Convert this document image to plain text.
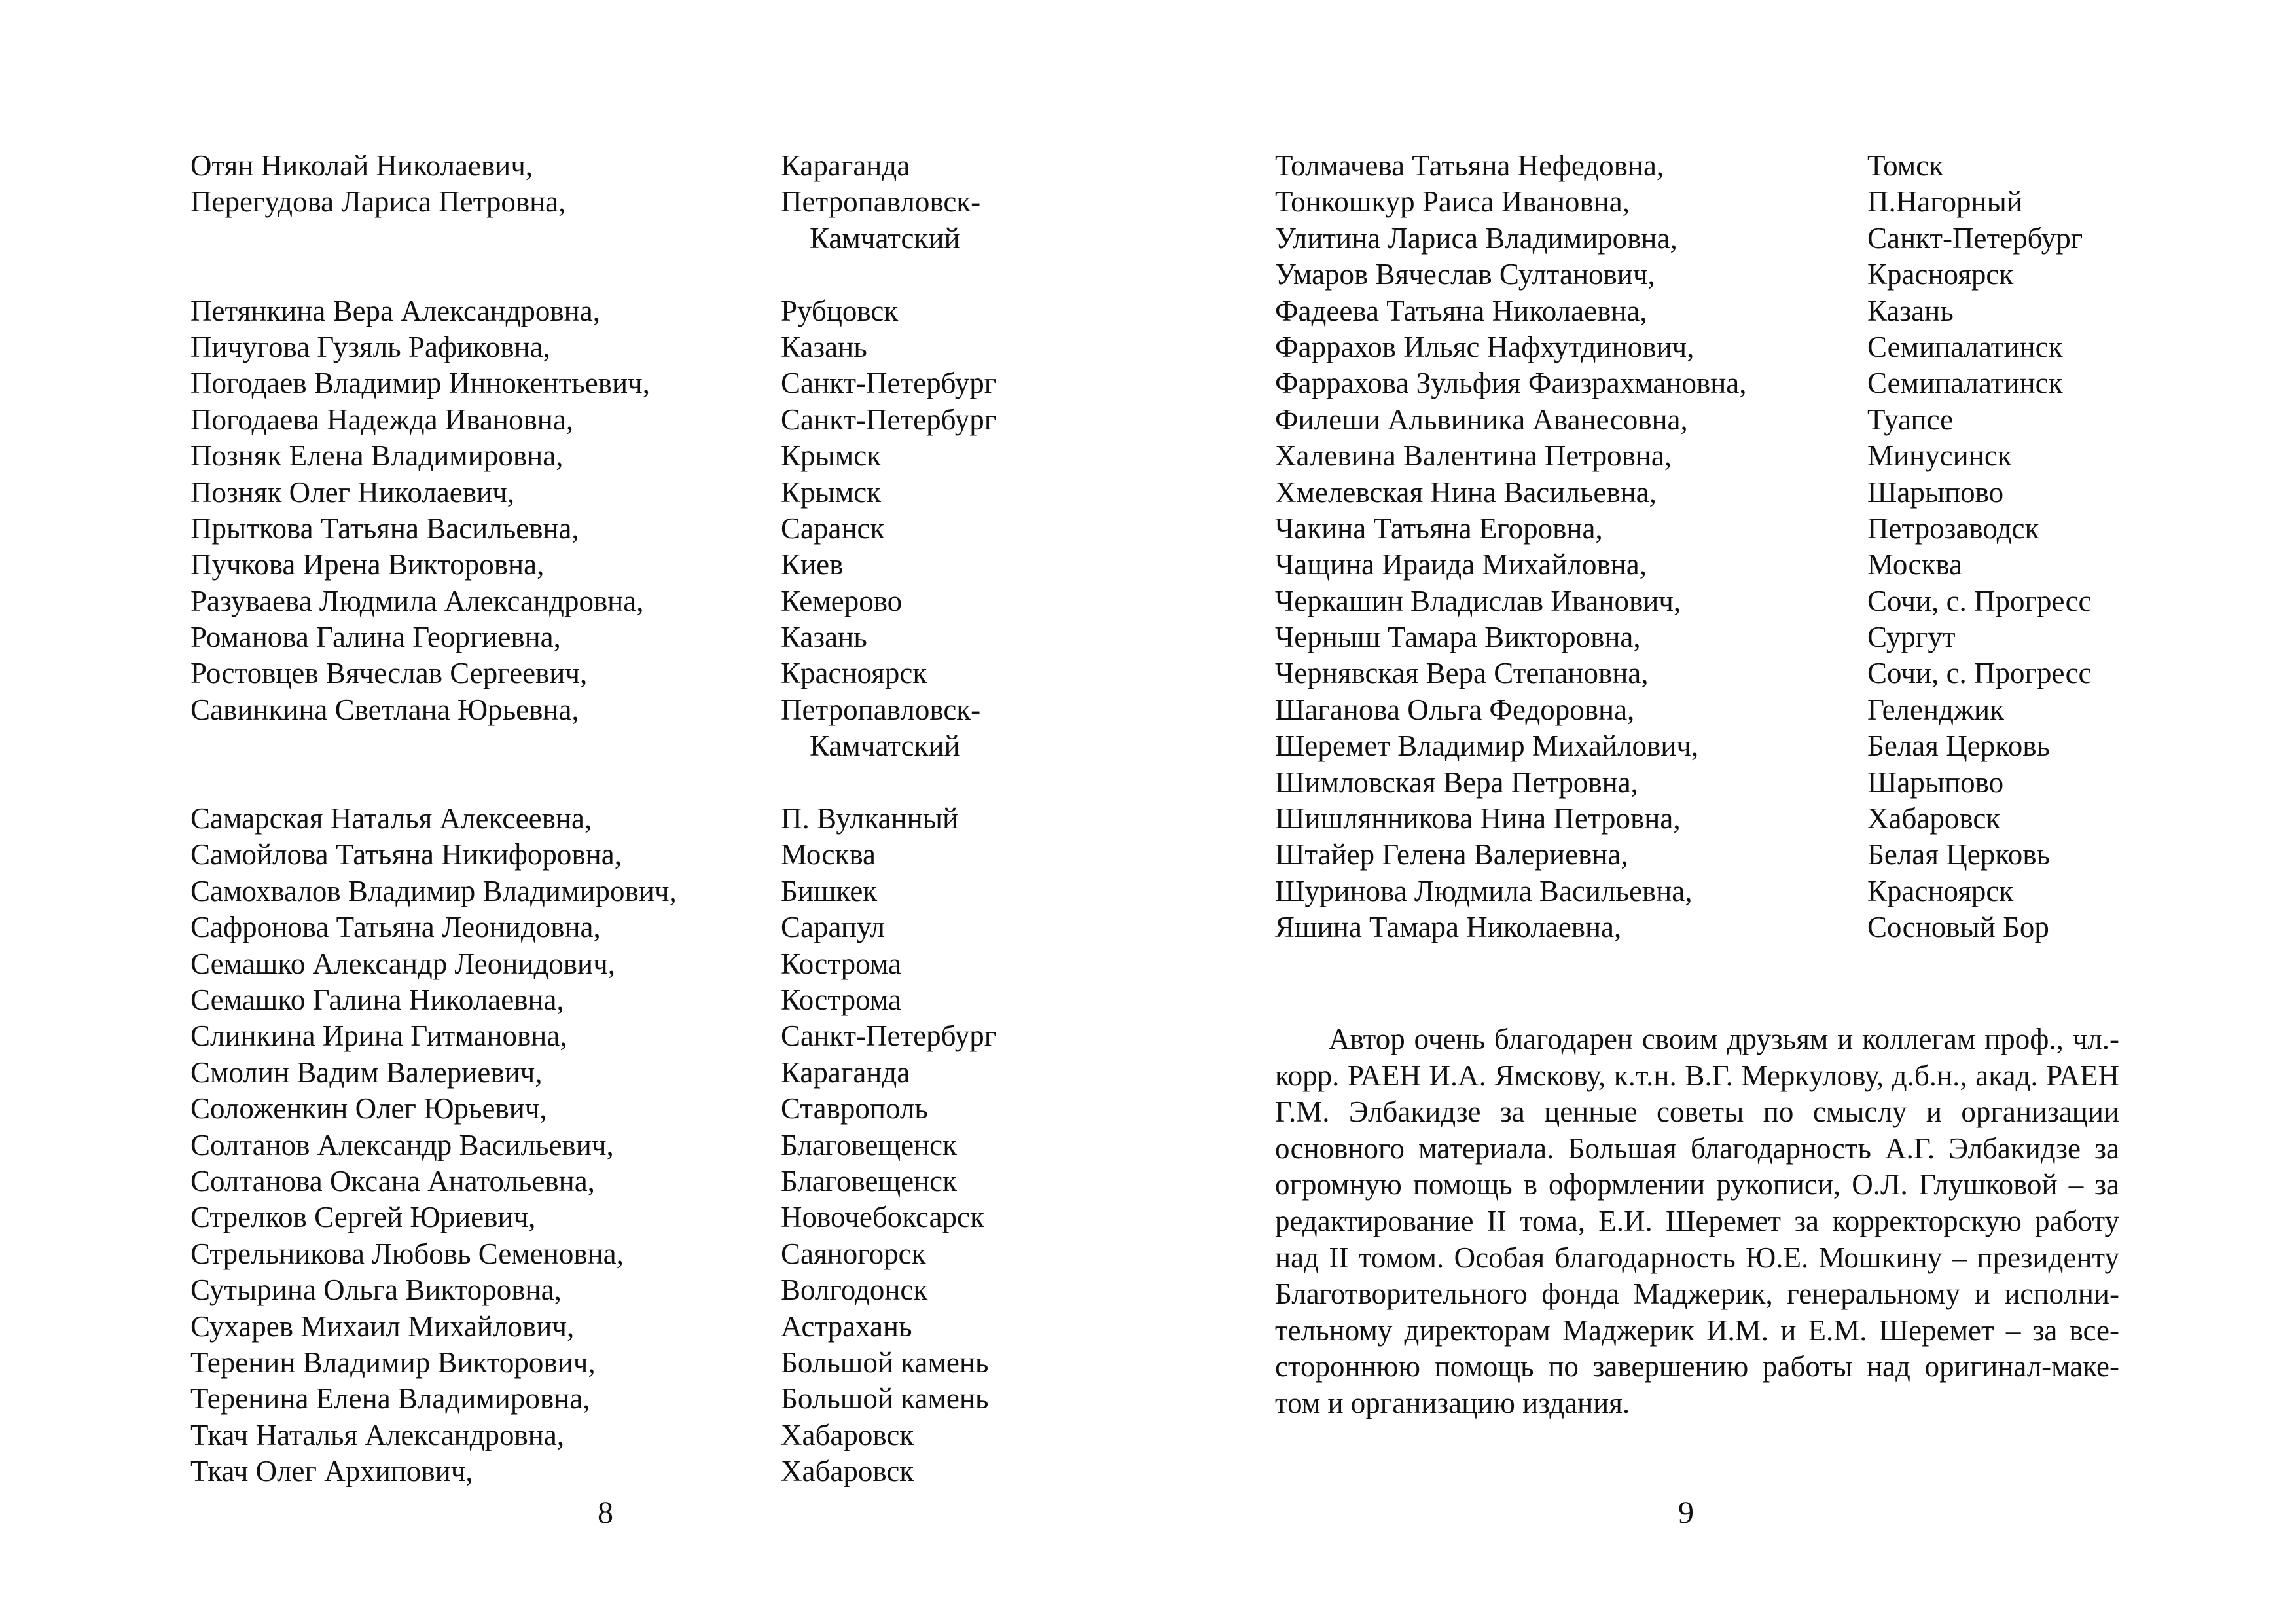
Отян Николай Николаевич,	Караганда
Перегудова Лариса Петровна,	Петропавловск-
Камчатский
Петянкина Вера Александровна,	Рубцовск
Пичугова Гузяль Рафиковна,	Казань
Погодаев Владимир Иннокентьевич,	Санкт-Петербург
Погодаева Надежда Ивановна,	Санкт-Петербург
Позняк Елена Владимировна,	Крымск
Позняк Олег Николаевич,	Крымск
Прыткова Татьяна Васильевна,	Саранск
Пучкова Ирена Викторовна,	Киев
Разуваева Людмила Александровна,	Кемерово
Романова Галина Георгиевна,	Казань
Ростовцев Вячеслав Сергеевич,	Красноярск
Савинкина Светлана Юрьевна,	Петропавловск-
Камчатский
Самарская Наталья Алексеевна,	П. Вулканный
Самойлова Татьяна Никифоровна,	Москва
Самохвалов Владимир Владимирович,	Бишкек
Сафронова Татьяна Леонидовна,	Сарапул
Семашко Александр Леонидович,	Кострома
Семашко Галина Николаевна,	Кострома
Слинкина Ирина Гитмановна,	Санкт-Петербург
Смолин Вадим Валериевич,	Караганда
Соложенкин Олег Юрьевич,	Ставрополь
Солтанов Александр Васильевич,	Благовещенск
Солтанова Оксана Анатольевна,	Благовещенск
Стрелков Сергей Юриевич,	Новочебоксарск
Стрельникова Любовь Семеновна,	Саяногорск
Сутырина Ольга Викторовна,	Волгодонск
Сухарев Михаил Михайлович,	Астрахань
Теренин Владимир Викторович,	Большой камень
Теренина Елена Владимировна,	Большой камень
Ткач Наталья Александровна,	Хабаровск
Ткач Олег Архипович,	Хабаровск
8
Толмачева Татьяна Нефедовна,	Томск
Тонкошкур Раиса Ивановна,	П.Нагорный
Улитина Лариса Владимировна,	Санкт-Петербург
Умаров Вячеслав Султанович,	Красноярск
Фадеева Татьяна Николаевна,	Казань
Фаррахов Ильяс Нафхутдинович,	Семипалатинск
Фаррахова Зульфия Фаизрахмановна,	Семипалатинск
Филеши Альвиника Аванесовна,	Туапсе
Халевина Валентина Петровна,	Минусинск
Хмелевская Нина Васильевна,	Шарыпово
Чакина Татьяна Егоровна,	Петрозаводск
Чащина Ираида Михайловна,	Москва
Черкашин Владислав Иванович,	Сочи, с. Прогресс
Черныш Тамара Викторовна,	Сургут
Чернявская Вера Степановна,	Сочи, с. Прогресс
Шаганова Ольга Федоровна,	Геленджик
Шеремет Владимир Михайлович,	Белая Церковь
Шимловская Вера Петровна,	Шарыпово
Шишлянникова Нина Петровна,	Хабаровск
Штайер Гелена Валериевна,	Белая Церковь
Шуринова Людмила Васильевна,	Красноярск
Яшина Тамара Николаевна,	Сосновый Бор

Автор очень благодарен своим друзьям и коллегам проф., чл.-корр. РАЕН И.А. Ямскову, к.т.н. В.Г. Меркулову, д.б.н., акад. РАЕН Г.М. Элбакидзе за ценные советы по смыслу и организации основного материала. Большая благодарность А.Г. Элбакидзе за огромную помощь в оформлении рукописи, О.Л. Глушковой – за редактирование II тома, Е.И. Шеремет за корректорскую работу над II томом. Особая благодарность Ю.Е. Мошкину – президенту Благотворительного фонда Маджерик, генеральному и исполни-тельному директорам Маджерик И.М. и Е.М. Шеремет – за все-стороннюю помощь по завершению работы над оригинал-маке-том и организацию издания.

9
